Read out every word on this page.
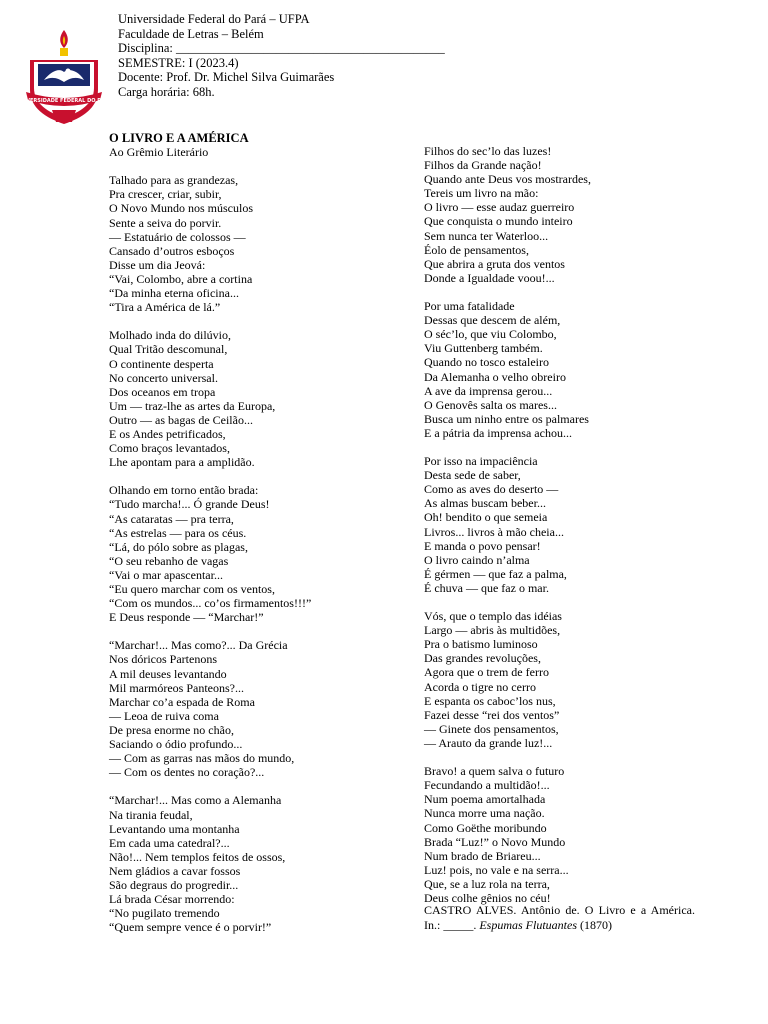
UNIVERSIDADE FEDERAL DO PARÁ
Universidade Federal do Pará – UFPA
Faculdade de Letras – Belém
Disciplina: ___________________________________________
SEMESTRE: I (2023.4)
Docente: Prof. Dr. Michel Silva Guimarães
Carga horária: 68h.
O LIVRO E A AMÉRICA
Ao Grêmio Literário
Talhado para as grandezas,
Pra crescer, criar, subir,
O Novo Mundo nos músculos
Sente a seiva do porvir.
— Estatuário de colossos —
Cansado d’outros esboços
Disse um dia Jeová:
“Vai, Colombo, abre a cortina
“Da minha eterna oficina...
“Tira a América de lá.”
Molhado inda do dilúvio,
Qual Tritão descomunal,
O continente desperta
No concerto universal.
Dos oceanos em tropa
Um — traz-lhe as artes da Europa,
Outro — as bagas de Ceilão...
E os Andes petrificados,
Como braços levantados,
Lhe apontam para a amplidão.
Olhando em torno então brada:
“Tudo marcha!... Ó grande Deus!
“As cataratas — pra terra,
“As estrelas — para os céus.
“Lá, do pólo sobre as plagas,
“O seu rebanho de vagas
“Vai o mar apascentar...
“Eu quero marchar com os ventos,
“Com os mundos... co’os firmamentos!!!”
E Deus responde — “Marchar!”
“Marchar!... Mas como?... Da Grécia
Nos dóricos Partenons
A mil deuses levantando
Mil marmóreos Panteons?...
Marchar co’a espada de Roma
— Leoa de ruiva coma
De presa enorme no chão,
Saciando o ódio profundo...
— Com as garras nas mãos do mundo,
— Com os dentes no coração?...
“Marchar!... Mas como a Alemanha
Na tirania feudal,
Levantando uma montanha
Em cada uma catedral?...
Não!... Nem templos feitos de ossos,
Nem gládios a cavar fossos
São degraus do progredir...
Lá brada César morrendo:
“No pugilato tremendo
“Quem sempre vence é o porvir!”
Filhos do sec’lo das luzes!
Filhos da Grande nação!
Quando ante Deus vos mostrardes,
Tereis um livro na mão:
O livro — esse audaz guerreiro
Que conquista o mundo inteiro
Sem nunca ter Waterloo...
Éolo de pensamentos,
Que abrira a gruta dos ventos
Donde a Igualdade voou!...
Por uma fatalidade
Dessas que descem de além,
O séc’lo, que viu Colombo,
Viu Guttenberg também.
Quando no tosco estaleiro
Da Alemanha o velho obreiro
A ave da imprensa gerou...
O Genovês salta os mares...
Busca um ninho entre os palmares
E a pátria da imprensa achou...
Por isso na impaciência
Desta sede de saber,
Como as aves do deserto —
As almas buscam beber...
Oh! bendito o que semeia
Livros... livros à mão cheia...
E manda o povo pensar!
O livro caindo n’alma
É gérmen — que faz a palma,
É chuva — que faz o mar.
Vós, que o templo das idéias
Largo — abris às multidões,
Pra o batismo luminoso
Das grandes revoluções,
Agora que o trem de ferro
Acorda o tigre no cerro
E espanta os caboc’los nus,
Fazei desse “rei dos ventos”
— Ginete dos pensamentos,
— Arauto da grande luz!...
Bravo! a quem salva o futuro
Fecundando a multidão!...
Num poema amortalhada
Nunca morre uma nação.
Como Goëthe moribundo
Brada “Luz!” o Novo Mundo
Num brado de Briareu...
Luz! pois, no vale e na serra...
Que, se a luz rola na terra,
Deus colhe gênios no céu!
CASTRO ALVES. Antônio de. O Livro e a América. In.: _____. Espumas Flutuantes (1870)
